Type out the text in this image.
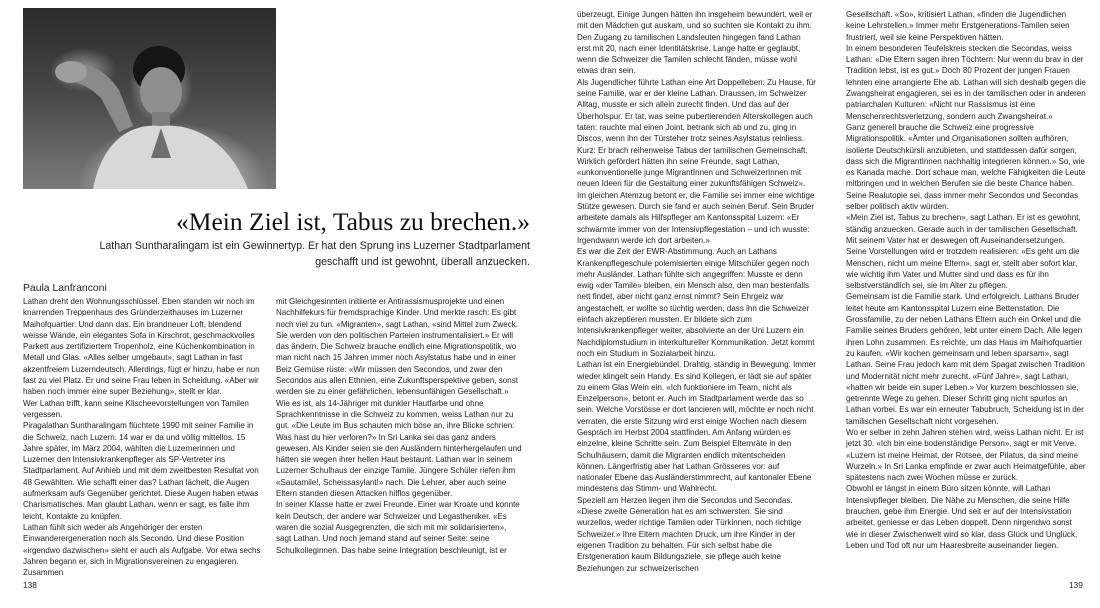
«Mein Ziel ist, Tabus zu brechen.»
Lathan Suntharalingam ist ein Gewinnertyp. Er hat den Sprung ins Luzerner Stadtparlament geschafft und ist gewohnt, überall anzuecken.
Paula Lanfranconi

Lathan dreht den Wohnungsschlüssel. Eben standen wir noch im knarrenden Treppenhaus des Gründerzeithauses im Luzerner Maihofquartier. Und dann das. Ein brandneuer Loft, blendend weisse Wände, ein elegantes Sofa in Kirschrot, geschmackvolles Parkett aus zertifiziertem Tropenholz, eine Küchenkombination in Metall und Glas. «Alles selber umgebaut», sagt Lathan in fast akzentfreiem Luzerndeutsch. Allerdings, fügt er hinzu, habe er nun fast zu viel Platz. Er und seine Frau leben in Scheidung. «Aber wir haben noch immer eine super Beziehung», stellt er klar.

Wer Lathan trifft, kann seine Klischeevorstellungen von Tamilen vergessen.

Piragalathan Suntharalingam flüchtete 1990 mit seiner Familie in die Schweiz, nach Luzern. 14 war er da und völlig mittellos. 15 Jahre später, im März 2004, wählten die Luzernerinnen und Luzerner den Intensivkrankenpfleger als SP-Vertreter ins Stadtparlament. Auf Anhieb und mit dem zweitbesten Resultat von 48 Gewählten. Wie schafft einer das? Lathan lächelt, die Augen aufmerksam aufs Gegenüber gerichtet. Diese Augen haben etwas Charismatisches. Man glaubt Lathan, wenn er sagt, es falle ihm leicht, Kontakte zu knüpfen.

Lathan fühlt sich weder als Angehöriger der ersten Einwanderergeneration noch als Secondo. Und diese Position «irgendwo dazwischen» sieht er auch als Aufgabe. Vor etwa sechs Jahren begann er, sich in Migrationsvereinen zu engagieren. Zusammen

mit Gleichgesinnten initiierte er Antirassismusprojekte und einen Nachhilfekurs für fremdsprachige Kinder. Und merkte rasch: Es gibt noch viel zu tun. «Migranten», sagt Lathan, «sind Mittel zum Zweck. Sie werden von den politischen Parteien instrumentalisiert.» Er will das ändern. Die Schweiz brauche endlich eine Migrationspolitik, wo man nicht nach 15 Jahren immer noch Asylstatus habe und in einer Beiz Gemüse rüste: «Wir müssen den Secondos, und zwar den Secondos aus allen Ethnien, eine Zukunftsperspektive geben, sonst werden sie zu einer gefährlichen, lebensunfähigen Gesellschaft.»

Wie es ist, als 14-Jähriger mit dunkler Hautfarbe und ohne Sprachkenntnisse in die Schweiz zu kommen, weiss Lathan nur zu gut. «Die Leute im Bus schauten mich böse an, ihre Blicke schrien: Was hast du hier verloren?» In Sri Lanka sei das ganz anders gewesen. Als Kinder seien sie den Ausländern hinterhergelaufen und hätten sie wegen ihrer hellen Haut bestaunt. Lathan war in seinem Luzerner Schulhaus der einzige Tamile. Jüngere Schüler riefen ihm «Sautamile!, Scheissasylant!» nach. Die Lehrer, aber auch seine Eltern standen diesen Attacken hilflos gegenüber.

In seiner Klasse hatte er zwei Freunde. Einer war Kroate und konnte kein Deutsch, der andere war Schweizer und Legastheniker. «Es waren die sozial Ausgegrenzten, die sich mit mir solidarisierten», sagt Lathan. Und noch jemand stand auf seiner Seite: seine Schulkolleginnen. Das habe seine Integration beschleunigt, ist er

138

überzeugt. Einige Jungen hätten ihn insgeheim bewundert, weil er mit den Mädchen gut auskam, und so suchten sie Kontakt zu ihm. Den Zugang zu tamilischen Landsleuten hingegen fand Lathan erst mit 20, nach einer Identitätskrise. Lange hatte er geglaubt, wenn die Schweizer die Tamilen schlecht fänden, müsse wohl etwas dran sein.

Als Jugendlicher führte Lathan eine Art Doppelleben: Zu Hause, für seine Familie, war er der kleine Lathan. Draussen, im Schweizer Alltag, musste er sich allein zurecht finden. Und das auf der Überholspur. Er tat, was seine pubertierenden Alterskollegen auch taten: rauchte mal einen Joint, betrank sich ab und zu, ging in Discos, wenn ihn der Türsteher trotz seines Asylstatus reinliess. Kurz: Er brach reihenweise Tabus der tamilischen Gemeinschaft.

Wirklich gefördert hätten ihn seine Freunde, sagt Lathan, «unkonventionelle junge MigrantInnen und SchweizerInnen mit neuen Ideen für die Gestaltung einer zukunftsfähigen Schweiz». Im gleichen Atemzug betont er, die Familie sei immer eine wichtige Stütze gewesen. Durch sie fand er auch seinen Beruf. Sein Bruder arbeitete damals als Hilfspfleger am Kantonsspital Luzern: «Er schwärmte immer von der Intensivpflegestation – und ich wusste: Irgendwann werde ich dort arbeiten.»

Es war die Zeit der EWR-Abstimmung. Auch an Lathans Krankenpflegeschule polemisierten einige Mitschüler gegen noch mehr Ausländer. Lathan fühlte sich angegriffen: Musste er denn ewig «der Tamile» bleiben, ein Mensch also, den man bestenfalls nett findet, aber nicht ganz ernst nimmt? Sein Ehrgeiz war angestachelt, er wollte so tüchtig werden, dass ihn die Schweizer einfach akzeptieren mussten. Er bildete sich zum Intensivkrankenpfleger weiter, absolvierte an der Uni Luzern ein Nachdiplomstudium in interkultureller Kommunikation. Jetzt kommt noch ein Studium in Sozialarbeit hinzu.

Lathan ist ein Energiebündel. Drahtig, ständig in Bewegung. Immer wieder klingelt sein Handy. Es sind Kollegen, er lädt sie auf später zu einem Glas Wein ein. «Ich funktioniere im Team, nicht als Einzelperson», betont er. Auch im Stadtparlament werde das so sein. Welche Vorstösse er dort lancieren will, möchte er noch nicht verraten, die erste Sitzung wird erst einige Wochen nach diesem Gespräch im Herbst 2004 stattfinden. Am Anfang würden es einzelne, kleine Schritte sein. Zum Beispiel Elternräte in den Schulhäusern, damit die Migranten endlich mitentscheiden können. Längerfristig aber hat Lathan Grösseres vor: auf nationaler Ebene das Ausländerstimmrecht, auf kantonaler Ebene mindestens das Stimm- und Wahlrecht.

Speziell am Herzen liegen ihm die Secondos und Secondas. «Diese zweite Generation hat es am schwersten. Sie sind wurzellos, weder richtige Tamilen oder Türkinnen, noch richtige Schweizer.» Ihre Eltern machten Druck, um ihre Kinder in der eigenen Tradition zu behalten. Für sich selbst habe die Erstgeneration kaum Bildungsziele, sie pflege auch keine Beziehungen zur schweizerischen

Gesellschaft. «So», kritisiert Lathan, «finden die Jugendlichen keine Lehrstellen.» Immer mehr Erstgenerations-Tamilen seien frustriert, weil sie keine Perspektiven hätten.

In einem besonderen Teufelskreis stecken die Secondas, weiss Lathan: «Die Eltern sagen ihren Töchtern: Nur wenn du brav in der Tradition lebst, ist es gut.» Doch 80 Prozent der jungen Frauen lehnten eine arrangierte Ehe ab. Lathan will sich deshalb gegen die Zwangsheirat engagieren, sei es in der tamilischen oder in anderen patriarchalen Kulturen: «Nicht nur Rassismus ist eine Menschenrechtsverletzung, sondern auch Zwangsheirat.»

Ganz generell brauche die Schweiz eine progressive Migrationspolitik. «Ämter und Organisationen sollten aufhören, isolierte Deutschkürsli anzubieten, und stattdessen dafür sorgen, dass sich die MigrantInnen nachhaltig integrieren können.» So, wie es Kanada mache. Dort schaue man, welche Fähigkeiten die Leute mitbringen und in welchen Berufen sie die beste Chance haben. Seine Realutopie sei, dass immer mehr Secondos und Secondas selber politisch aktiv würden.

«Mein Ziel ist, Tabus zu brechen», sagt Lathan. Er ist es gewohnt, ständig anzuecken. Gerade auch in der tamilischen Gesellschaft. Mit seinem Vater hat er deswegen oft Auseinandersetzungen. Seine Vorstellungen wird er trotzdem realisieren: «Es geht um die Menschen, nicht um meine Eltern», sagt er, stellt aber sofort klar, wie wichtig ihm Vater und Mutter sind und dass es für ihn selbstverständlich sei, sie im Alter zu pflegen.

Gemeinsam ist die Familie stark. Und erfolgreich. Lathans Bruder leitet heute am Kantonsspital Luzern eine Bettenstation. Die Grossfamilie, zu der neben Lathans Eltern auch ein Onkel und die Familie seines Bruders gehören, lebt unter einem Dach. Alle legen ihren Lohn zusammen. Es reichte, um das Haus im Maihofquartier zu kaufen. «Wir kochen gemeinsam und leben sparsam», sagt Lathan. Seine Frau jedoch kam mit dem Spagat zwischen Tradition und Modernität nicht mehr zurecht. «Fünf Jahre», sagt Lathan, «hatten wir beide ein super Leben.» Vor kurzem beschlossen sie, getrennte Wege zu gehen. Dieser Schritt ging nicht spurlos an Lathan vorbei. Es war ein erneuter Tabubruch, Scheidung ist in der tamilischen Gesellschaft nicht vorgesehen.

Wo er selber in zehn Jahren stehen wird, weiss Lathan nicht. Er ist jetzt 30. «Ich bin eine bodenständige Person», sagt er mit Verve. «Luzern ist meine Heimat, der Rotsee, der Pilatus, da sind meine Wurzeln.» In Sri Lanka empfinde er zwar auch Heimatgefühle, aber spätestens nach zwei Wochen müsse er zurück.

Obwohl er längst in einem Büro sitzen könnte, will Lathan Intensivpfleger bleiben. Die Nähe zu Menschen, die seine Hilfe brauchen, gebe ihm Energie. Und seit er auf der Intensivstation arbeitet, geniesse er das Leben doppelt. Denn nirgendwo sonst wie in dieser Zwischenwelt wird so klar, dass Glück und Unglück, Leben und Tod oft nur um Haaresbreite auseinander liegen.

139
